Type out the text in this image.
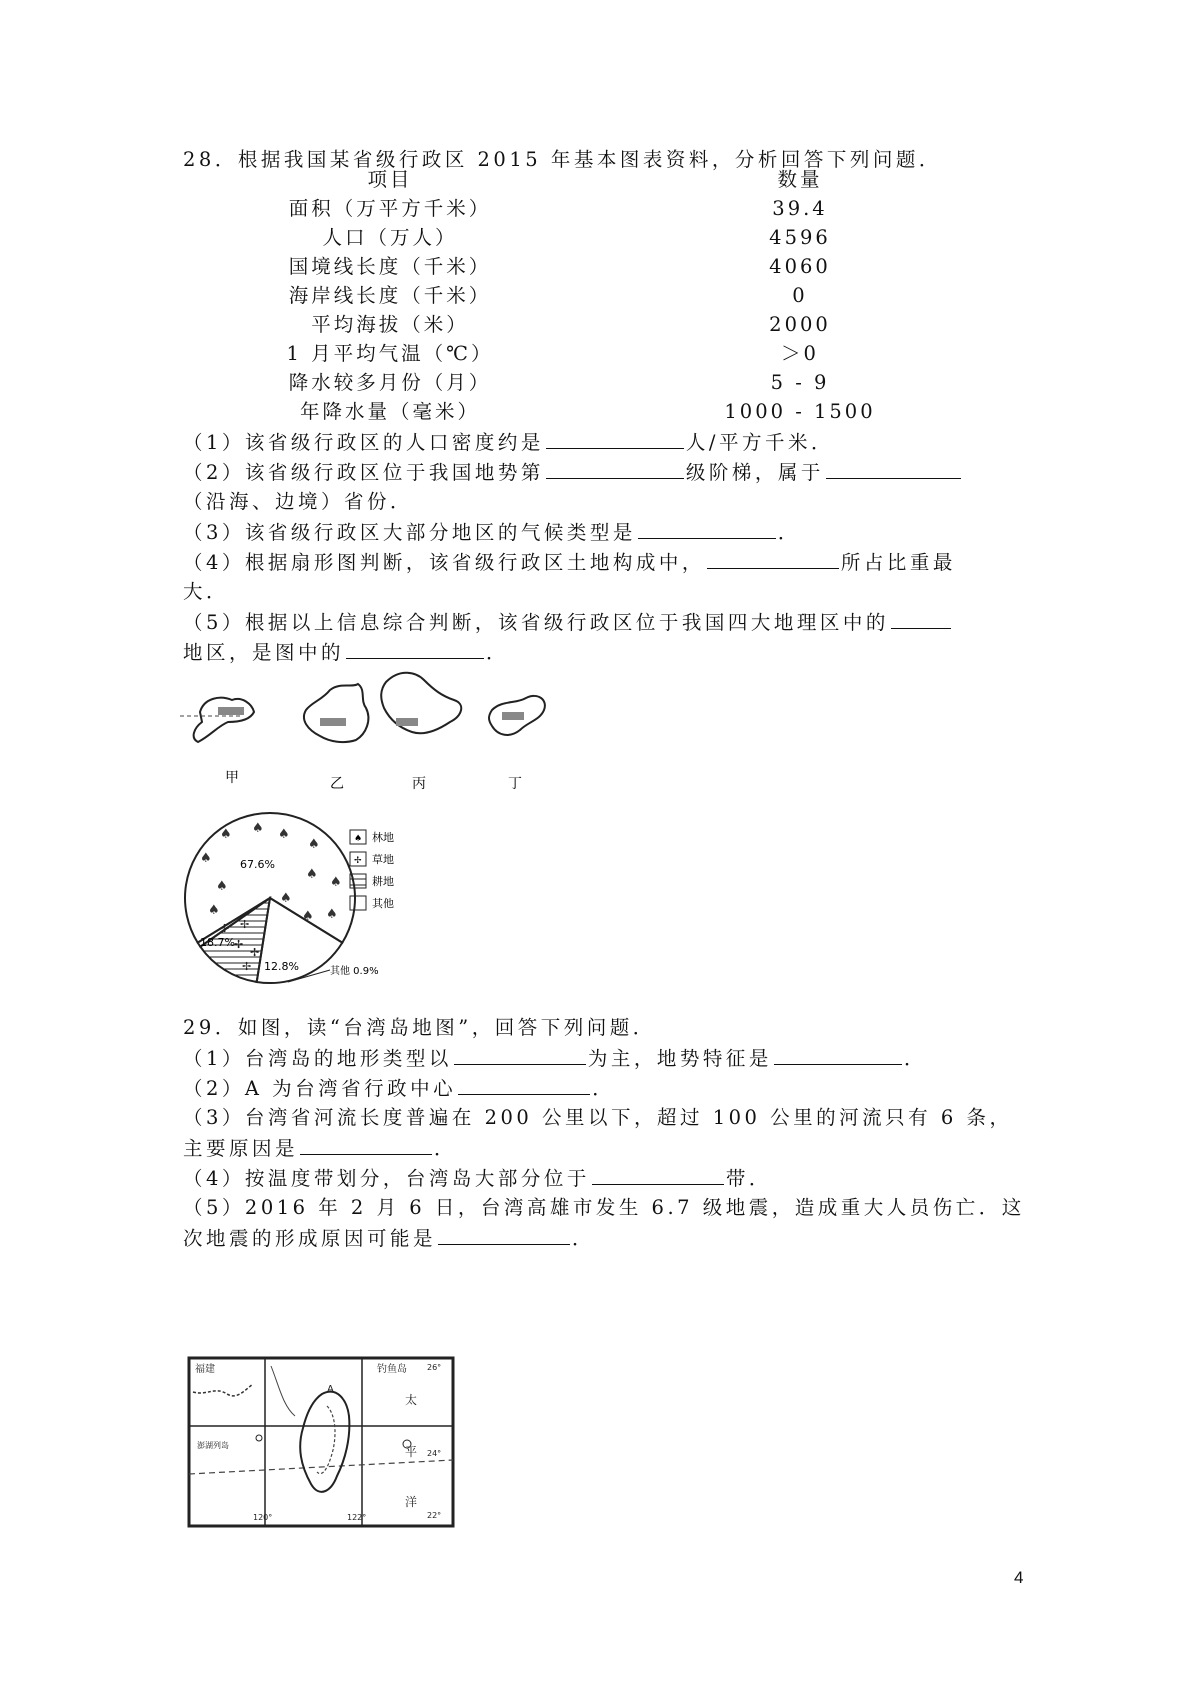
28．根据我国某省级行政区 2015 年基本图表资料，分析回答下列问题．
项目	数量
面积（万平方千米）	39.4
人口（万人）	4596
国境线长度（千米）	4060
海岸线长度（千米）	0
平均海拔（米）	2000
1 月平均气温（℃）	＞0
降水较多月份（月）	5 - 9
年降水量（毫米）	1000 - 1500
（1）该省级行政区的人口密度约是	人/平方千米．
（2）该省级行政区位于我国地势第	级阶梯，属于
（沿海、边境）省份．
（3）该省级行政区大部分地区的气候类型是	．
（4）根据扇形图判断，该省级行政区土地构成中，	所占比重最
大．
（5）根据以上信息综合判断，该省级行政区位于我国四大地理区中的
地区，是图中的	．
甲	乙	丙	丁
♠ ♠ ♠
♠
♠
♠
♠
♠
♠
♠
♠
♠
✢ ✢
✢
✢
✢
67.6%
18.7%
12.8%	其他 0.9%
♠ 林地
✢ 草地
耕地
其他
29．如图，读“台湾岛地图”，回答下列问题．
（1）台湾岛的地形类型以	为主，地势特征是	．
（2）A 为台湾省行政中心	．
（3）台湾省河流长度普遍在 200 公里以下，超过 100 公里的河流只有 6 条，
主要原因是	．
（4）按温度带划分，台湾岛大部分位于	带．
（5）2016 年 2 月 6 日，台湾高雄市发生 6.7 级地震，造成重大人员伤亡．这
次地震的形成原因可能是	．
福建	钓鱼岛
太
平
洋
A
澎湖列岛
26°
24°
22°
120°	122°
4
